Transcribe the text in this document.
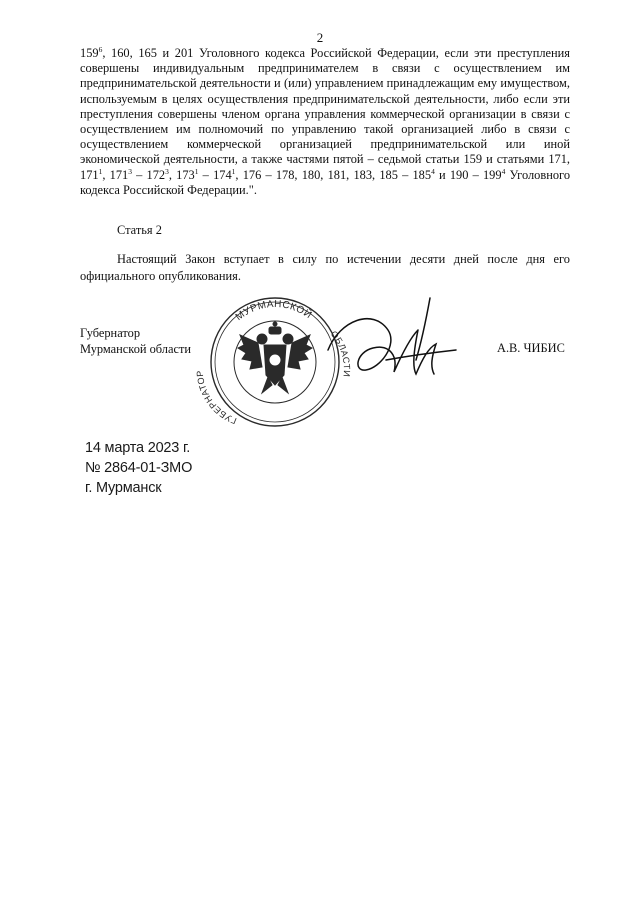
2

$159^6$, 160, 165 и 201 Уголовного кодекса Российской Федерации, если эти преступления совершены индивидуальным предпринимателем в связи с осуществлением им предпринимательской деятельности и (или) управлением принадлежащим ему имуществом, используемым в целях осуществления предпринимательской деятельности, либо если эти преступления совершены членом органа управления коммерческой организации в связи с осуществлением им полномочий по управлению такой организацией либо в связи с осуществлением коммерческой организацией предпринимательской или иной экономической деятельности, а также частями пятой – седьмой статьи 159 и статьями 171, $171^1$, $171^3 - 172^3$, $173^1 - 174^1$, 176 – 178, 180, 181, 183, $185 - 185^4$ и $190 - 199^4$ Уголовного кодекса Российской Федерации.".

Статья 2

Настоящий Закон вступает в силу по истечении десяти дней после дня его официального опубликования.

Губернатор
Мурманской области
МУРМАНСКОЙ
ГУБЕРНАТОР
ОБЛАСТИ
А.В. ЧИБИС
14 марта 2023 г.
№ 2864-01-ЗМО
г. Мурманск
